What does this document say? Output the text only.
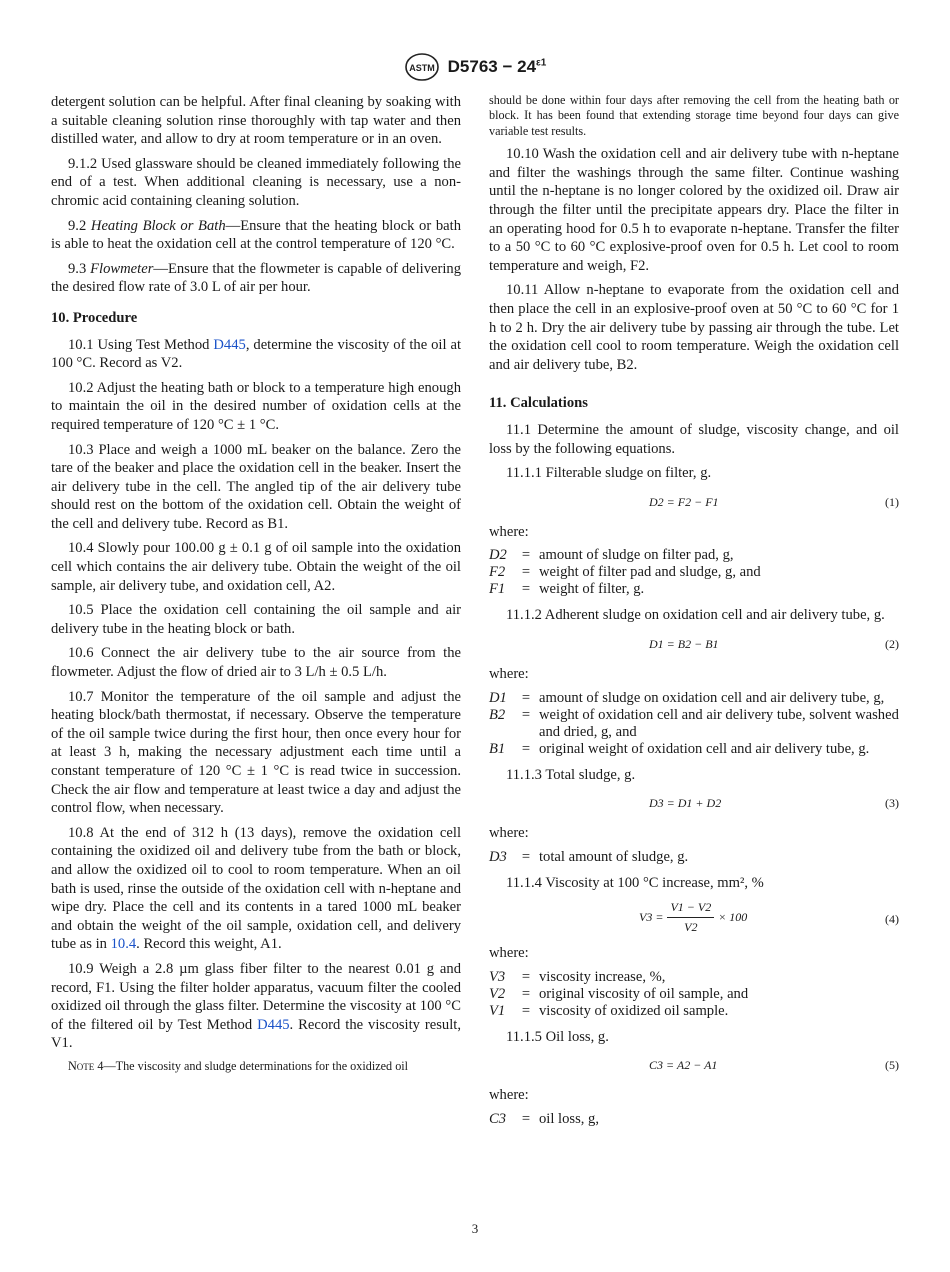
ASTM $D5763 - 24^{\varepsilon 1}$

detergent solution can be helpful. After final cleaning by soaking with a suitable cleaning solution rinse thoroughly with tap water and then distilled water, and allow to dry at room temperature or in an oven.

9.1.2 Used glassware should be cleaned immediately following the end of a test. When additional cleaning is necessary, use a non-chromic acid containing cleaning solution.

9.2 Heating Block or Bath—Ensure that the heating block or bath is able to heat the oxidation cell at the control temperature of 120 °C.

9.3 Flowmeter—Ensure that the flowmeter is capable of delivering the desired flow rate of 3.0 L of air per hour.

10. Procedure

10.1 Using Test Method D445, determine the viscosity of the oil at 100 °C. Record as V2.

10.2 Adjust the heating bath or block to a temperature high enough to maintain the oil in the desired number of oxidation cells at the required temperature of 120 °C ± 1 °C.

10.3 Place and weigh a 1000 mL beaker on the balance. Zero the tare of the beaker and place the oxidation cell in the beaker. Insert the air delivery tube in the cell. The angled tip of the air delivery tube should rest on the bottom of the oxidation cell. Obtain the weight of the cell and delivery tube. Record as B1.

10.4 Slowly pour 100.00 g ± 0.1 g of oil sample into the oxidation cell which contains the air delivery tube. Obtain the weight of the oil sample, air delivery tube, and oxidation cell, A2.

10.5 Place the oxidation cell containing the oil sample and air delivery tube in the heating block or bath.

10.6 Connect the air delivery tube to the air source from the flowmeter. Adjust the flow of dried air to 3 L/h ± 0.5 L/h.

10.7 Monitor the temperature of the oil sample and adjust the heating block/bath thermostat, if necessary. Observe the temperature of the oil sample twice during the first hour, then once every hour for at least 3 h, making the necessary adjustment each time until a constant temperature of 120 °C ± 1 °C is read twice in succession. Check the air flow and temperature at least twice a day and adjust the control flow, when necessary.

10.8 At the end of 312 h (13 days), remove the oxidation cell containing the oxidized oil and delivery tube from the bath or block, and allow the oxidized oil to cool to room temperature. When an oil bath is used, rinse the outside of the oxidation cell with n-heptane and wipe dry. Place the cell and its contents in a tared 1000 mL beaker and obtain the weight of the oil sample, oxidation cell, and delivery tube as in 10.4. Record this weight, A1.

10.9 Weigh a 2.8 µm glass fiber filter to the nearest 0.01 g and record, F1. Using the filter holder apparatus, vacuum filter the cooled oxidized oil through the glass filter. Determine the viscosity at 100 °C of the filtered oil by Test Method D445. Record the viscosity result, V1.

Note 4—The viscosity and sludge determinations for the oxidized oil

should be done within four days after removing the cell from the heating bath or block. It has been found that extending storage time beyond four days can give variable test results.

10.10 Wash the oxidation cell and air delivery tube with n-heptane and filter the washings through the same filter. Continue washing until the n-heptane is no longer colored by the oxidized oil. Draw air through the filter until the precipitate appears dry. Place the filter in an operating hood for 0.5 h to evaporate n-heptane. Transfer the filter to a 50 °C to 60 °C explosive-proof oven for 0.5 h. Let cool to room temperature and weigh, F2.

10.11 Allow n-heptane to evaporate from the oxidation cell and then place the cell in an explosive-proof oven at 50 °C to 60 °C for 1 h to 2 h. Dry the air delivery tube by passing air through the tube. Let the oxidation cell cool to room temperature. Weigh the oxidation cell and air delivery tube, B2.

11. Calculations

11.1 Determine the amount of sludge, viscosity change, and oil loss by the following equations.

11.1.1 Filterable sludge on filter, g.

D2 = F2 − F1	(1)

where:

D2	=	amount of sludge on filter pad, g,
F2	=	weight of filter pad and sludge, g, and
F1	=	weight of filter, g.

11.1.2 Adherent sludge on oxidation cell and air delivery tube, g.

D1 = B2 − B1	(2)

where:

D1	=	amount of sludge on oxidation cell and air delivery tube, g,
B2	=	weight of oxidation cell and air delivery tube, solvent washed and dried, g, and
B1	=	original weight of oxidation cell and air delivery tube, g.

11.1.3 Total sludge, g.

D3 = D1 + D2	(3)

where:

D3	=	total amount of sludge, g.

11.1.4 Viscosity at 100 °C increase, mm², %

$V3 = \frac{V1 - V2}{V2} \times 100$	(4)

where:

V3	=	viscosity increase, %,
V2	=	original viscosity of oil sample, and
V1	=	viscosity of oxidized oil sample.

11.1.5 Oil loss, g.

C3 = A2 − A1	(5)

where:

C3	=	oil loss, g,
3
